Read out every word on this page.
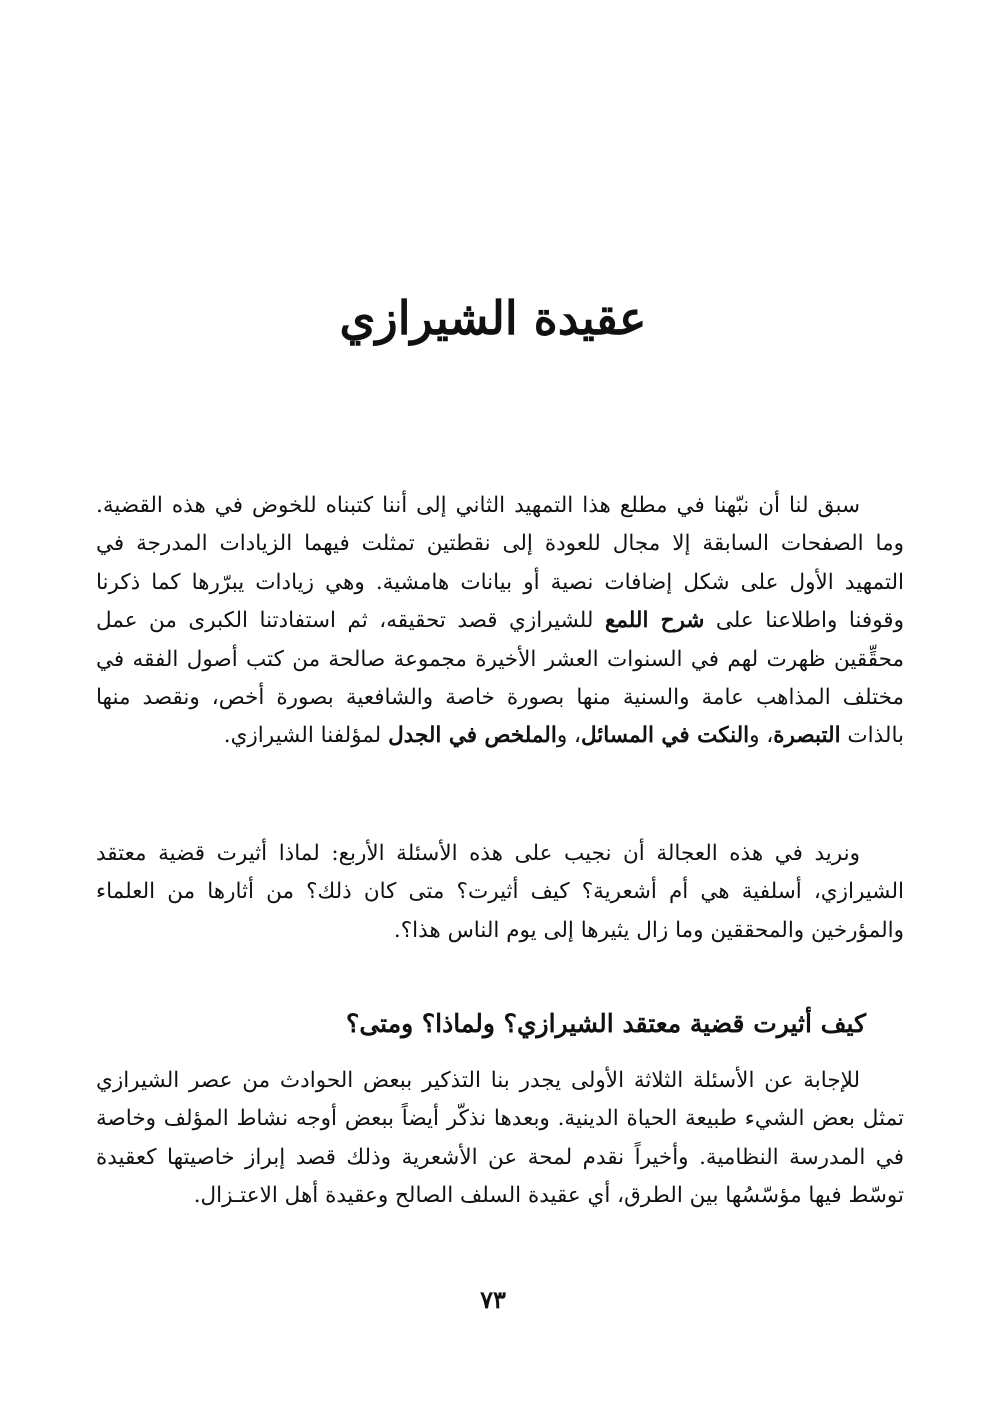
عقيدة الشيرازي

سبق لنا أن نبّهنا في مطلع هذا التمهيد الثاني إلى أننا كتبناه للخوض في هذه القضية. وما الصفحات السابقة إلا مجال للعودة إلى نقطتين تمثلت فيهما الزيادات المدرجة في التمهيد الأول على شكل إضافات نصية أو بيانات هامشية. وهي زيادات يبرّرها كما ذكرنا وقوفنا واطلاعنا على شرح اللمع للشيرازي قصد تحقيقه، ثم استفادتنا الكبرى من عمل محقِّقين ظهرت لهم في السنوات العشر الأخيرة مجموعة صالحة من كتب أصول الفقه في مختلف المذاهب عامة والسنية منها بصورة خاصة والشافعية بصورة أخص، ونقصد منها بالذات التبصرة، والنكت في المسائل، والملخص في الجدل لمؤلفنا الشيرازي.

ونريد في هذه العجالة أن نجيب على هذه الأسئلة الأربع: لماذا أثيرت قضية معتقد الشيرازي، أسلفية هي أم أشعرية؟ كيف أثيرت؟ متى كان ذلك؟ من أثارها من العلماء والمؤرخين والمحققين وما زال يثيرها إلى يوم الناس هذا؟.

كيف أثيرت قضية معتقد الشيرازي؟ ولماذا؟ ومتى؟

للإجابة عن الأسئلة الثلاثة الأولى يجدر بنا التذكير ببعض الحوادث من عصر الشيرازي تمثل بعض الشيء طبيعة الحياة الدينية. وبعدها نذكّر أيضاً ببعض أوجه نشاط المؤلف وخاصة في المدرسة النظامية. وأخيراً نقدم لمحة عن الأشعرية وذلك قصد إبراز خاصيتها كعقيدة توسّط فيها مؤسّسُها بين الطرق، أي عقيدة السلف الصالح وعقيدة أهل الاعتـزال.

٧٣
